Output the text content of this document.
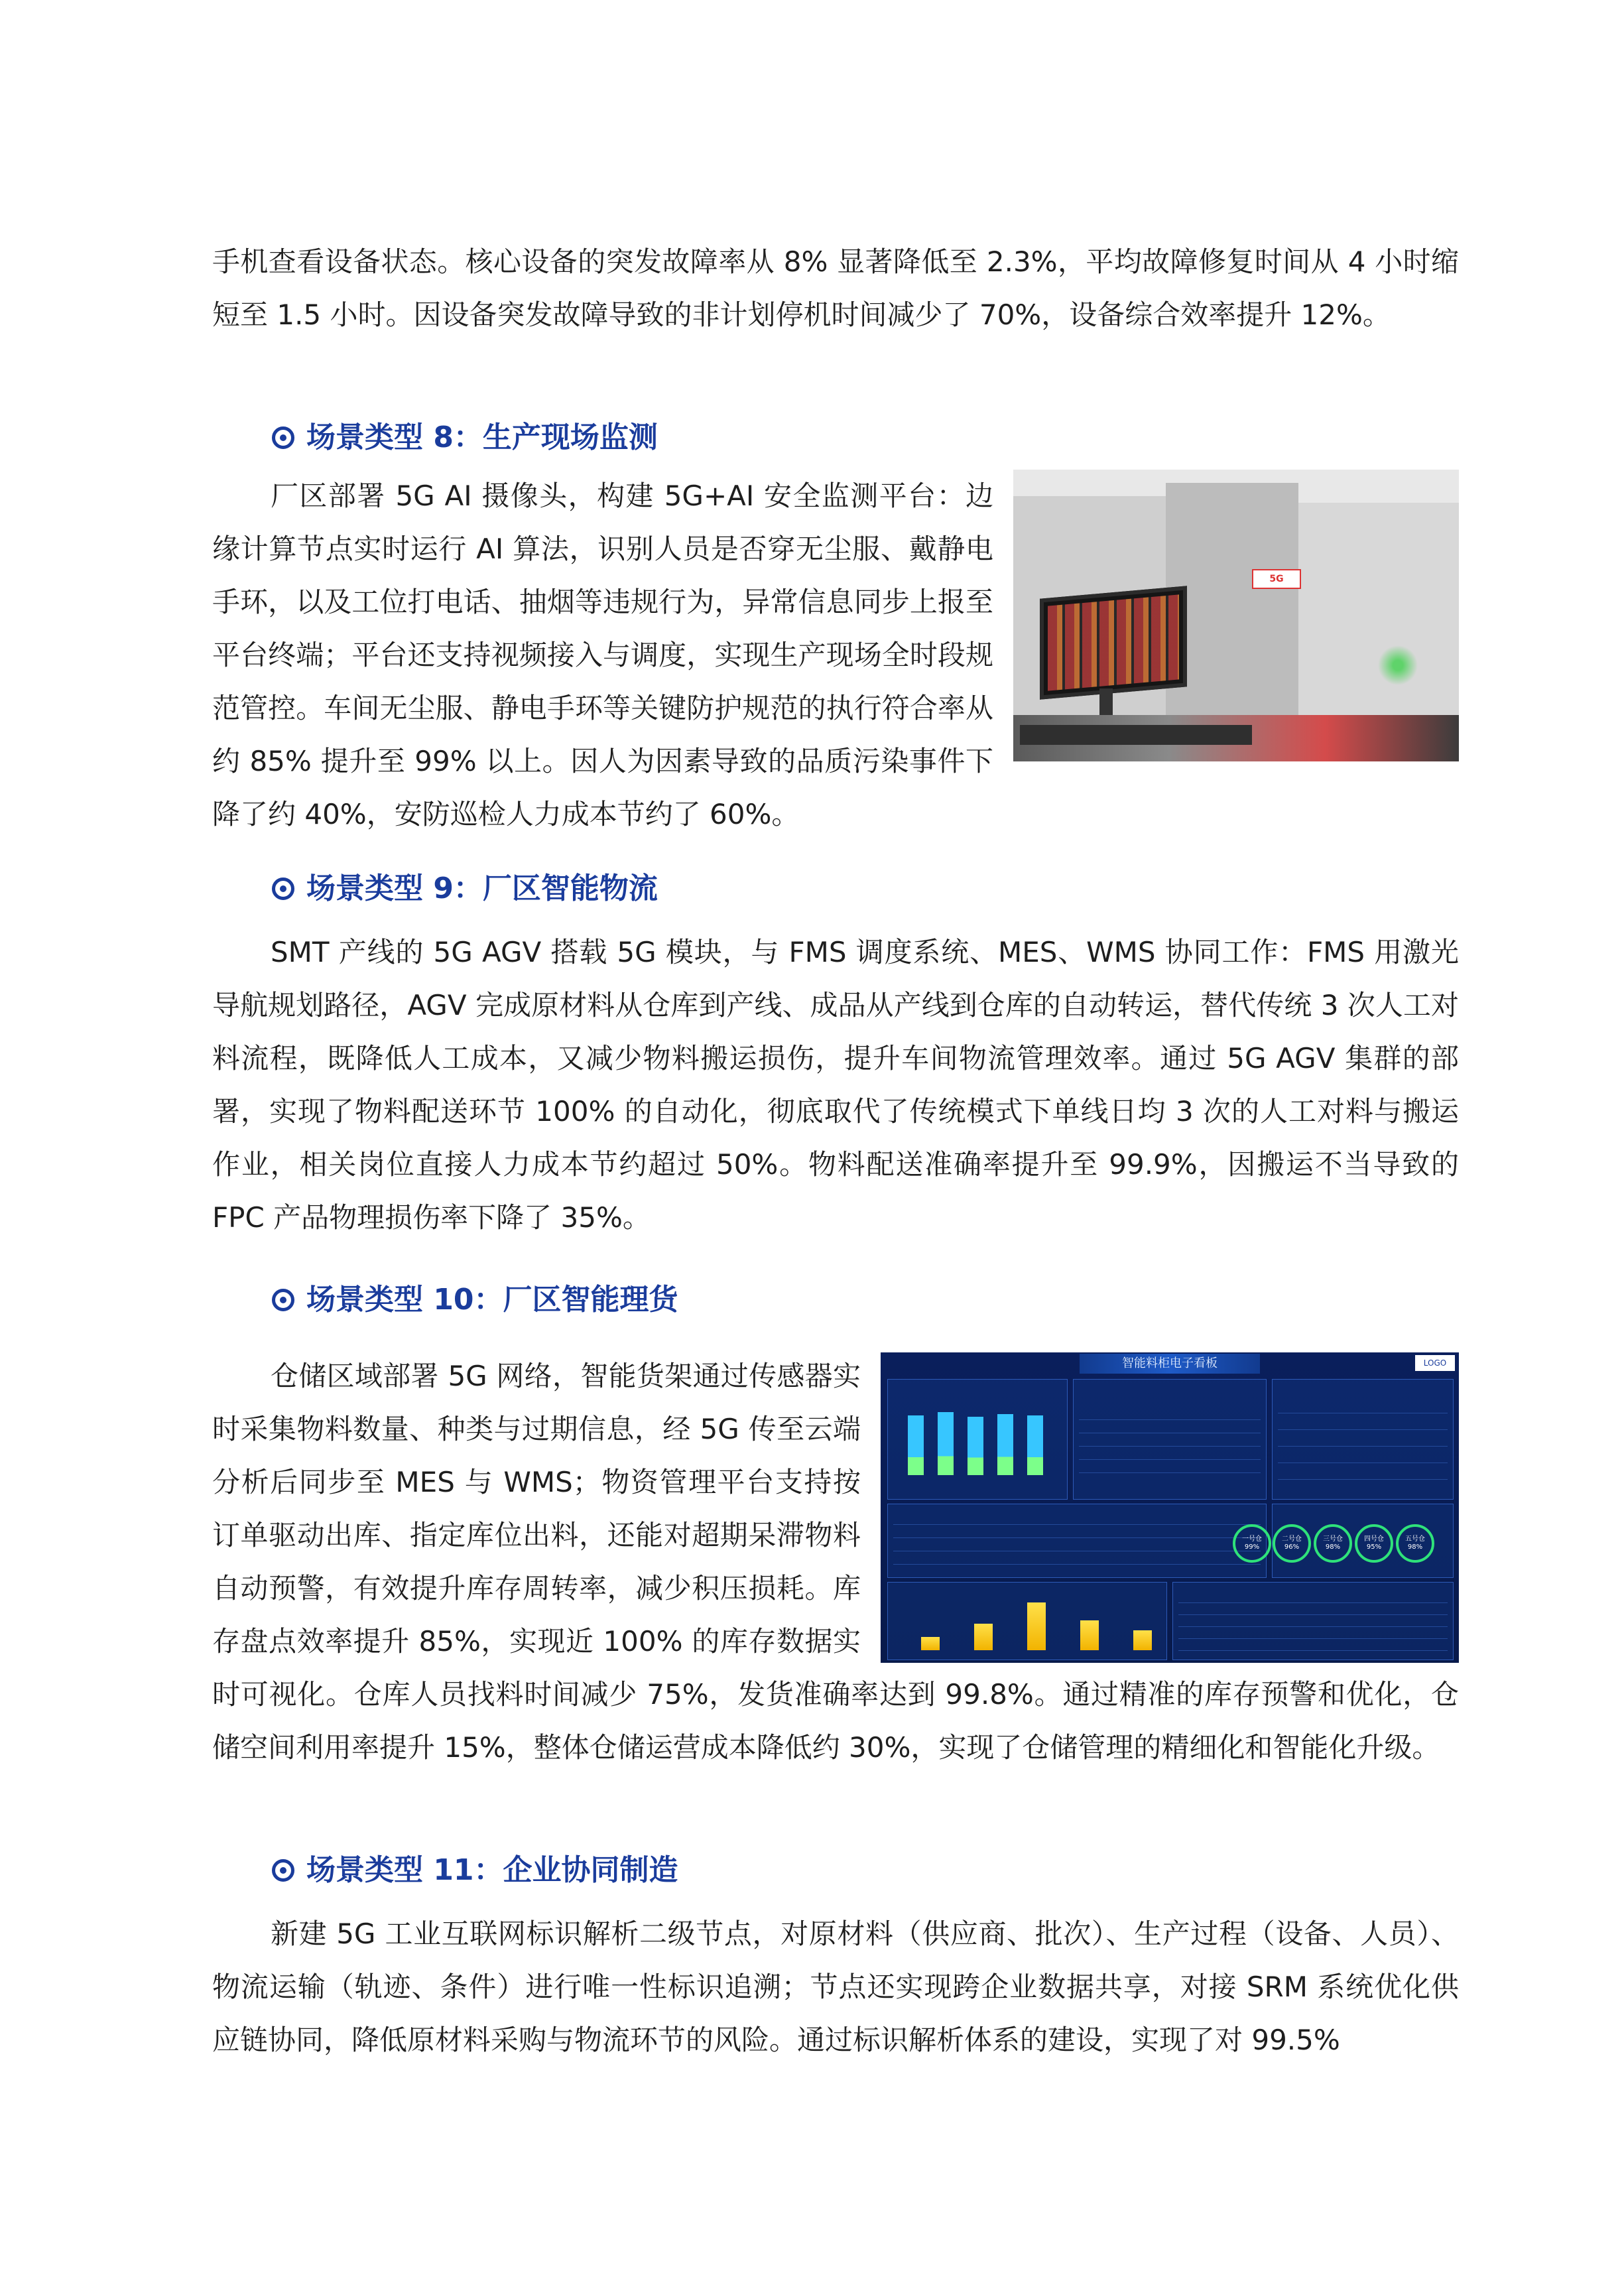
手机查看设备状态。核心设备的突发故障率从 8% 显著降低至 2.3%，平均故障修复时间从 4 小时缩短至 1.5 小时。因设备突发故障导致的非计划停机时间减少了 70%，设备综合效率提升 12%。

场景类型 8：生产现场监测
5G

厂区部署 5G AI 摄像头，构建 5G+AI 安全监测平台：边缘计算节点实时运行 AI 算法，识别人员是否穿无尘服、戴静电手环，以及工位打电话、抽烟等违规行为，异常信息同步上报至平台终端；平台还支持视频接入与调度，实现生产现场全时段规范管控。车间无尘服、静电手环等关键防护规范的执行符合率从约 85% 提升至 99% 以上。因人为因素导致的品质污染事件下降了约 40%，安防巡检人力成本节约了 60%。

场景类型 9：厂区智能物流

SMT 产线的 5G AGV 搭载 5G 模块，与 FMS 调度系统、MES、WMS 协同工作：FMS 用激光导航规划路径，AGV 完成原材料从仓库到产线、成品从产线到仓库的自动转运，替代传统 3 次人工对料流程，既降低人工成本，又减少物料搬运损伤，提升车间物流管理效率。通过 5G AGV 集群的部署，实现了物料配送环节 100% 的自动化，彻底取代了传统模式下单线日均 3 次的人工对料与搬运作业，相关岗位直接人力成本节约超过 50%。物料配送准确率提升至 99.9%，因搬运不当导致的 FPC 产品物理损伤率下降了 35%。

场景类型 10：厂区智能理货
智能料柜电子看板	LOGO
一号仓
99%
二号仓
96%
三号仓
98%
四号仓
95%
五号仓
98%

仓储区域部署 5G 网络，智能货架通过传感器实时采集物料数量、种类与过期信息，经 5G 传至云端分析后同步至 MES 与 WMS；物资管理平台支持按订单驱动出库、指定库位出料，还能对超期呆滞物料自动预警，有效提升库存周转率，减少积压损耗。库存盘点效率提升 85%，实现近 100% 的库存数据实时可视化。仓库人员找料时间减少 75%，发货准确率达到 99.8%。通过精准的库存预警和优化，仓储空间利用率提升 15%，整体仓储运营成本降低约 30%，实现了仓储管理的精细化和智能化升级。

场景类型 11：企业协同制造

新建 5G 工业互联网标识解析二级节点，对原材料（供应商、批次）、生产过程（设备、人员）、物流运输（轨迹、条件）进行唯一性标识追溯；节点还实现跨企业数据共享，对接 SRM 系统优化供应链协同，降低原材料采购与物流环节的风险。通过标识解析体系的建设，实现了对 99.5%
